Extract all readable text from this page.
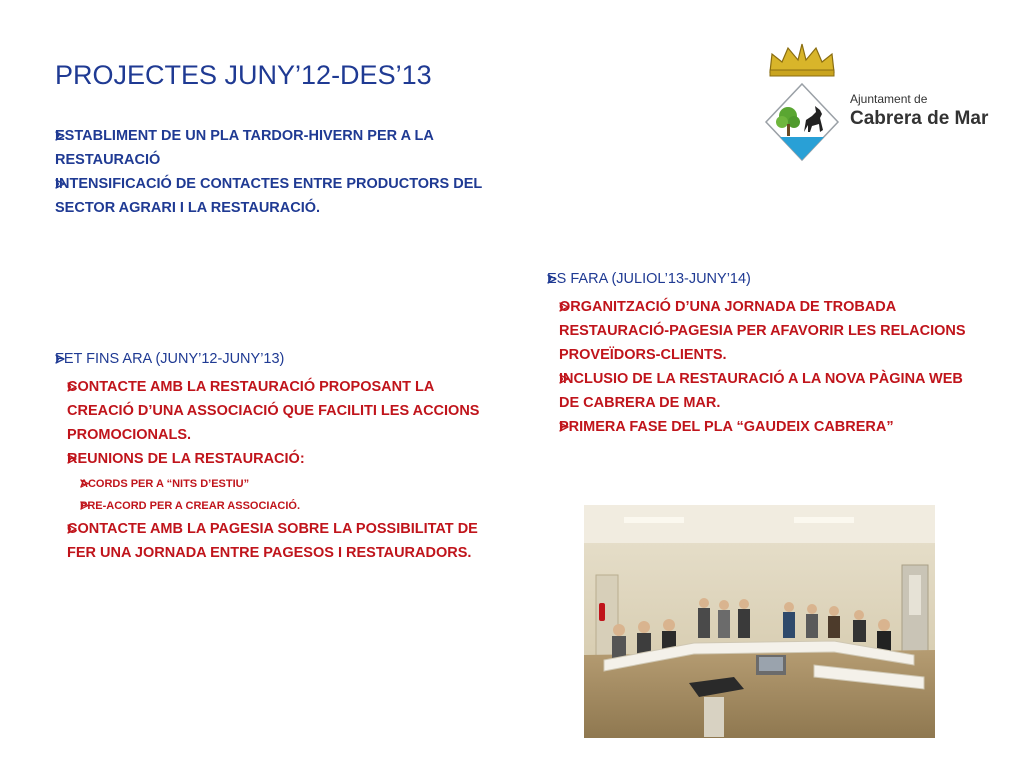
PROJECTES JUNY’12-DES’13
Ajuntament de
Cabrera de Mar
ESTABLIMENT DE UN PLA TARDOR-HIVERN PER A LA RESTAURACIÓ
INTENSIFICACIÓ DE CONTACTES ENTRE PRODUCTORS DEL SECTOR AGRARI I LA RESTAURACIÓ.
FET FINS ARA (JUNY’12-JUNY’13)
CONTACTE AMB LA RESTAURACIÓ PROPOSANT LA CREACIÓ D’UNA ASSOCIACIÓ QUE FACILITI LES ACCIONS PROMOCIONALS.
REUNIONS DE LA RESTAURACIÓ:
ACORDS PER A “NITS D’ESTIU”
PRE-ACORD PER A CREAR ASSOCIACIÓ.
CONTACTE AMB LA PAGESIA SOBRE LA POSSIBILITAT DE FER UNA JORNADA ENTRE PAGESOS I RESTAURADORS.
ES FARA (JULIOL’13-JUNY’14)
ORGANITZACIÓ D’UNA JORNADA DE TROBADA RESTAURACIÓ-PAGESIA PER AFAVORIR LES RELACIONS PROVEÏDORS-CLIENTS.
INCLUSIO DE LA RESTAURACIÓ A LA NOVA PÀGINA WEB DE CABRERA DE MAR.
PRIMERA FASE DEL PLA “GAUDEIX CABRERA”
